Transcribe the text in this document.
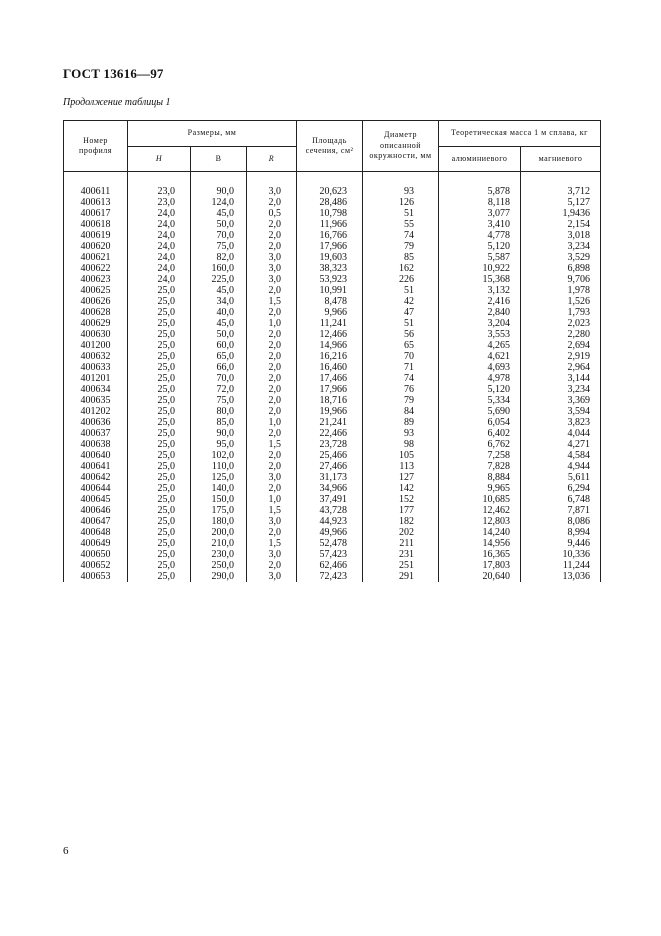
ГОСТ 13616—97
Продолжение таблицы 1
Номер профиля	Размеры, мм			Площадь сечения, см²	Диаметр описанной окружности, мм	Теоретическая масса 1 м сплава, кг	
	H	B	R			алюминиевого	магниевого

400611	23,0	90,0	3,0	20,623	93	5,878	3,712
400613	23,0	124,0	2,0	28,486	126	8,118	5,127
400617	24,0	45,0	0,5	10,798	51	3,077	1,9436
400618	24,0	50,0	2,0	11,966	55	3,410	2,154
400619	24,0	70,0	2,0	16,766	74	4,778	3,018
400620	24,0	75,0	2,0	17,966	79	5,120	3,234
400621	24,0	82,0	3,0	19,603	85	5,587	3,529
400622	24,0	160,0	3,0	38,323	162	10,922	6,898
400623	24,0	225,0	3,0	53,923	226	15,368	9,706
400625	25,0	45,0	2,0	10,991	51	3,132	1,978
400626	25,0	34,0	1,5	8,478	42	2,416	1,526
400628	25,0	40,0	2,0	9,966	47	2,840	1,793
400629	25,0	45,0	1,0	11,241	51	3,204	2,023
400630	25,0	50,0	2,0	12,466	56	3,553	2,280
401200	25,0	60,0	2,0	14,966	65	4,265	2,694
400632	25,0	65,0	2,0	16,216	70	4,621	2,919
400633	25,0	66,0	2,0	16,460	71	4,693	2,964
401201	25,0	70,0	2,0	17,466	74	4,978	3,144
400634	25,0	72,0	2,0	17,966	76	5,120	3,234
400635	25,0	75,0	2,0	18,716	79	5,334	3,369
401202	25,0	80,0	2,0	19,966	84	5,690	3,594
400636	25,0	85,0	1,0	21,241	89	6,054	3,823
400637	25,0	90,0	2,0	22,466	93	6,402	4,044
400638	25,0	95,0	1,5	23,728	98	6,762	4,271
400640	25,0	102,0	2,0	25,466	105	7,258	4,584
400641	25,0	110,0	2,0	27,466	113	7,828	4,944
400642	25,0	125,0	3,0	31,173	127	8,884	5,611
400644	25,0	140,0	2,0	34,966	142	9,965	6,294
400645	25,0	150,0	1,0	37,491	152	10,685	6,748
400646	25,0	175,0	1,5	43,728	177	12,462	7,871
400647	25,0	180,0	3,0	44,923	182	12,803	8,086
400648	25,0	200,0	2,0	49,966	202	14,240	8,994
400649	25,0	210,0	1,5	52,478	211	14,956	9,446
400650	25,0	230,0	3,0	57,423	231	16,365	10,336
400652	25,0	250,0	2,0	62,466	251	17,803	11,244
400653	25,0	290,0	3,0	72,423	291	20,640	13,036
6
